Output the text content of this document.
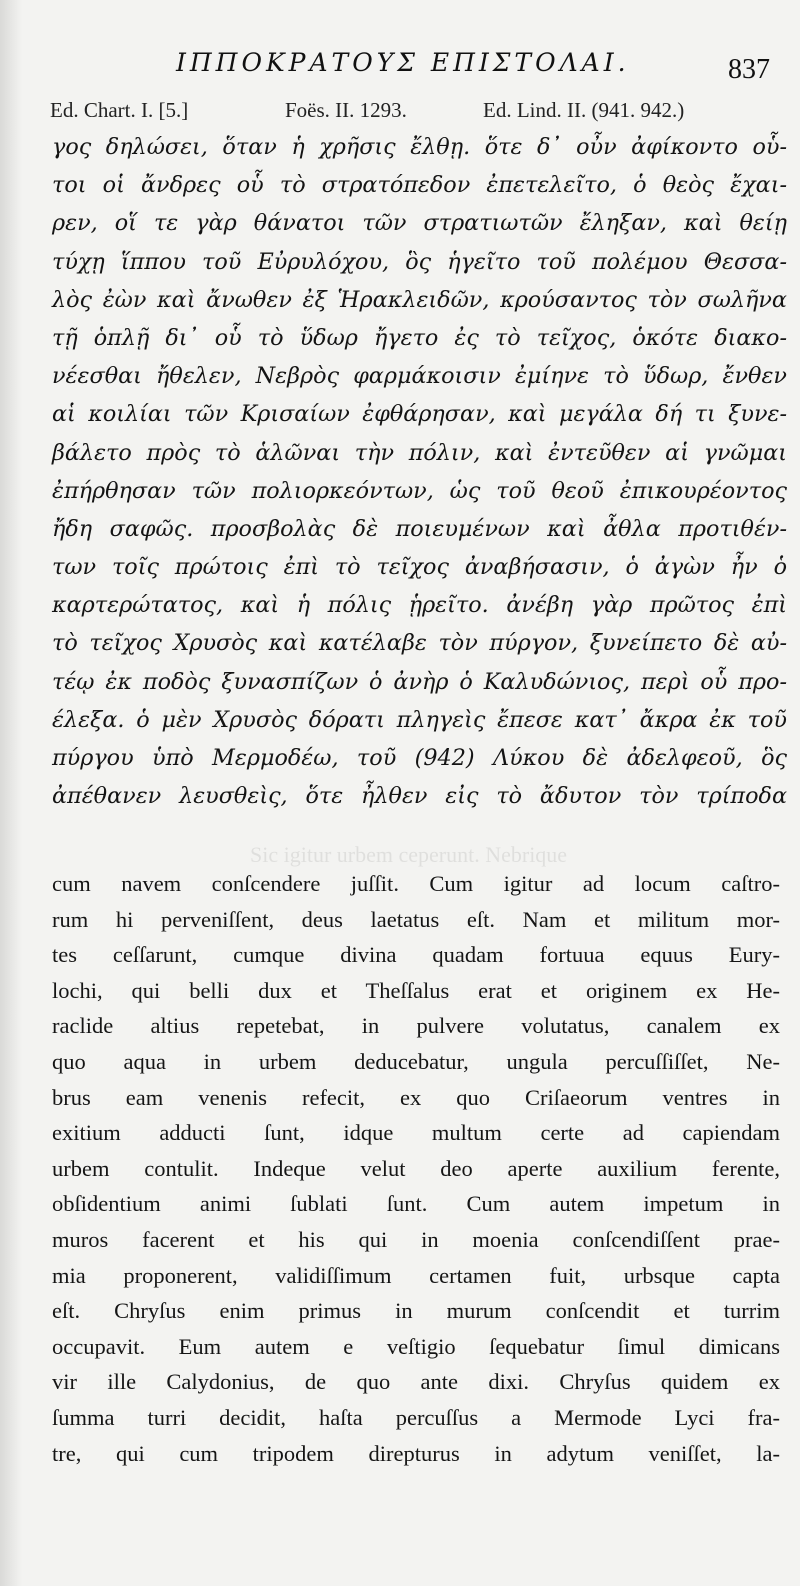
ΙΠΠΟΚΡΑΤΟΥΣ ΕΠΙΣΤΟΛΑΙ.	837
Ed. Chart. I. [5.]	Foës. II. 1293.	Ed. Lind. II. (941. 942.)
γος δηλώσει, ὅταν ἡ χρῆσις ἔλθῃ. ὅτε δ᾽ οὖν ἀφίκοντο οὗ-
τοι οἱ ἄνδρες οὗ τὸ στρατόπεδον ἐπετελεῖτο, ὁ θεὸς ἔχαι-
ρεν, οἵ τε γὰρ θάνατοι τῶν στρατιωτῶν ἔληξαν, καὶ θείῃ
τύχῃ ἵππου τοῦ Εὐρυλόχου, ὃς ἡγεῖτο τοῦ πολέμου Θεσσα-
λὸς ἐὼν καὶ ἄνωθεν ἐξ Ἡρακλειδῶν, κρούσαντος τὸν σωλῆνα
τῇ ὁπλῇ δι᾽ οὗ τὸ ὕδωρ ἤγετο ἐς τὸ τεῖχος, ὁκότε διακο-
νέεσθαι ἤθελεν, Νεβρὸς φαρμάκοισιν ἐμίηνε τὸ ὕδωρ, ἔνθεν
αἱ κοιλίαι τῶν Κρισαίων ἐφθάρησαν, καὶ μεγάλα δή τι ξυνε-
βάλετο πρὸς τὸ ἁλῶναι τὴν πόλιν, καὶ ἐντεῦθεν αἱ γνῶμαι
ἐπήρθησαν τῶν πολιορκεόντων, ὡς τοῦ θεοῦ ἐπικουρέοντος
ἤδη σαφῶς. προσβολὰς δὲ ποιευμένων καὶ ἆθλα προτιθέν-
των τοῖς πρώτοις ἐπὶ τὸ τεῖχος ἀναβήσασιν, ὁ ἀγὼν ἦν ὁ
καρτερώτατος, καὶ ἡ πόλις ᾑρεῖτο. ἀνέβη γὰρ πρῶτος ἐπὶ
τὸ τεῖχος Χρυσὸς καὶ κατέλαβε τὸν πύργον, ξυνείπετο δὲ αὐ-
τέῳ ἐκ ποδὸς ξυνασπίζων ὁ ἀνὴρ ὁ Καλυδώνιος, περὶ οὗ προ-
έλεξα. ὁ μὲν Χρυσὸς δόρατι πληγεὶς ἔπεσε κατ᾽ ἄκρα ἐκ τοῦ
πύργου ὑπὸ Μερμοδέω, τοῦ (942) Λύκου δὲ ἀδελφεοῦ, ὃς
ἀπέθανεν λευσθεὶς, ὅτε ἦλθεν εἰς τὸ ἄδυτον τὸν τρίποδα
Sic igitur urbem ceperunt. Nebrique
cum navem conſcendere juſſit. Cum igitur ad locum caſtro-
rum hi perveniſſent, deus laetatus eſt. Nam et militum mor-
tes ceſſarunt, cumque divina quadam fortuua equus Eury-
lochi, qui belli dux et Theſſalus erat et originem ex He-
raclide altius repetebat, in pulvere volutatus, canalem ex
quo aqua in urbem deducebatur, ungula percuſſiſſet, Ne-
brus eam venenis refecit, ex quo Criſaeorum ventres in
exitium adducti ſunt, idque multum certe ad capiendam
urbem contulit. Indeque velut deo aperte auxilium ferente,
obſidentium animi ſublati ſunt. Cum autem impetum in
muros facerent et his qui in moenia conſcendiſſent prae-
mia proponerent, validiſſimum certamen fuit, urbsque capta
eſt. Chryſus enim primus in murum conſcendit et turrim
occupavit. Eum autem e veſtigio ſequebatur ſimul dimicans
vir ille Calydonius, de quo ante dixi. Chryſus quidem ex
ſumma turri decidit, haſta percuſſus a Mermode Lyci fra-
tre, qui cum tripodem direpturus in adytum veniſſet, la-
